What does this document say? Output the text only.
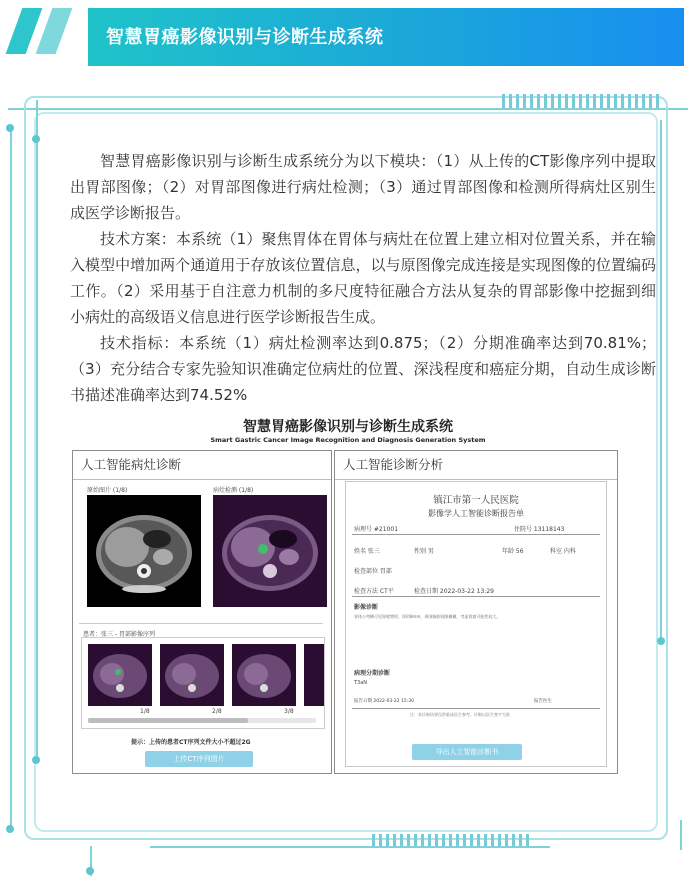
智慧胃癌影像识别与诊断生成系统

智慧胃癌影像识别与诊断生成系统分为以下模块：（1）从上传的CT影像序列中提取出胃部图像；（2）对胃部图像进行病灶检测；（3）通过胃部图像和检测所得病灶区别生成医学诊断报告。

技术方案：本系统（1）聚焦胃体在胃体与病灶在位置上建立相对位置关系，并在输入模型中增加两个通道用于存放该位置信息，以与原图像完成连接是实现图像的位置编码工作。（2）采用基于自注意力机制的多尺度特征融合方法从复杂的胃部影像中挖掘到细小病灶的高级语义信息进行医学诊断报告生成。

技术指标：本系统（1）病灶检测率达到0.875；（2）分期准确率达到70.81%；（3）充分结合专家先验知识准确定位病灶的位置、深浅程度和癌症分期，自动生成诊断书描述准确率达到74.52%

智慧胃癌影像识别与诊断生成系统
Smart Gastric Cancer Image Recognition and Diagnosis Generation System
人工智能病灶诊断
原始图片 (1/8)	病灶检测 (1/8)
患者：张三 - 胃部影像序列
1/8	2/8	3/8
提示：上传的患者CT序列文件大小不超过2G
上传CT序列图片
人工智能诊断分析
镇江市第一人民医院
影像学人工智能诊断报告单
病理号 #21001	住院号 13118143
姓名 张三	性别 男	年龄 56	科室 内科
检查部位 胃部
检查方法 CT平	检查日期 2022-03-22 13:29
影像诊断
胃体小弯侧可见胃壁增厚，厚约8mm，周围脂肪间隙模糊，考虑胃癌可能性较大。
病理分期诊断
T3aN
报告日期 2022-03-22 15:30	报告医生
注：本诊断结果仅供临床医生参考，诊断以医生签字为准
导出人工智能诊断书
